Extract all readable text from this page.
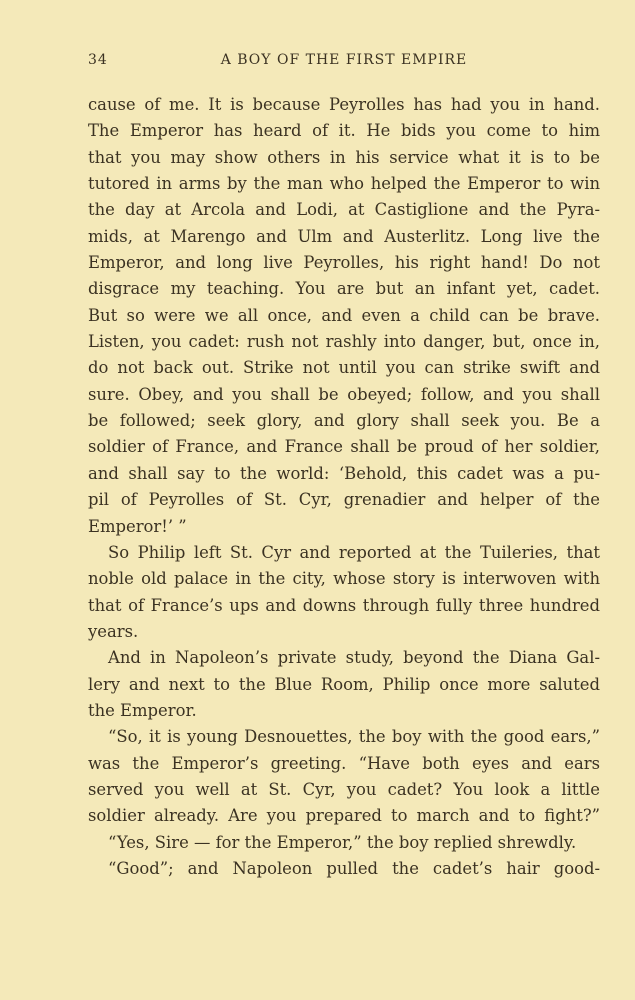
34	A BOY OF THE FIRST EMPIRE
cause of me. It is because Peyrolles has had you in hand.
The Emperor has heard of it. He bids you come to him
that you may show others in his service what it is to be
tutored in arms by the man who helped the Emperor to win
the day at Arcola and Lodi, at Castiglione and the Pyra-
mids, at Marengo and Ulm and Austerlitz. Long live the
Emperor, and long live Peyrolles, his right hand! Do not
disgrace my teaching. You are but an infant yet, cadet.
But so were we all once, and even a child can be brave.
Listen, you cadet: rush not rashly into danger, but, once in,
do not back out. Strike not until you can strike swift and
sure. Obey, and you shall be obeyed; follow, and you shall
be followed; seek glory, and glory shall seek you. Be a
soldier of France, and France shall be proud of her soldier,
and shall say to the world: ‘Behold, this cadet was a pu-
pil of Peyrolles of St. Cyr, grenadier and helper of the
Emperor!’ ”
So Philip left St. Cyr and reported at the Tuileries, that
noble old palace in the city, whose story is interwoven with
that of France’s ups and downs through fully three hundred
years.
And in Napoleon’s private study, beyond the Diana Gal-
lery and next to the Blue Room, Philip once more saluted
the Emperor.
“So, it is young Desnouettes, the boy with the good ears,”
was the Emperor’s greeting. “Have both eyes and ears
served you well at St. Cyr, you cadet? You look a little
soldier already. Are you prepared to march and to fight?”
“Yes, Sire — for the Emperor,” the boy replied shrewdly.
“Good”; and Napoleon pulled the cadet’s hair good-
